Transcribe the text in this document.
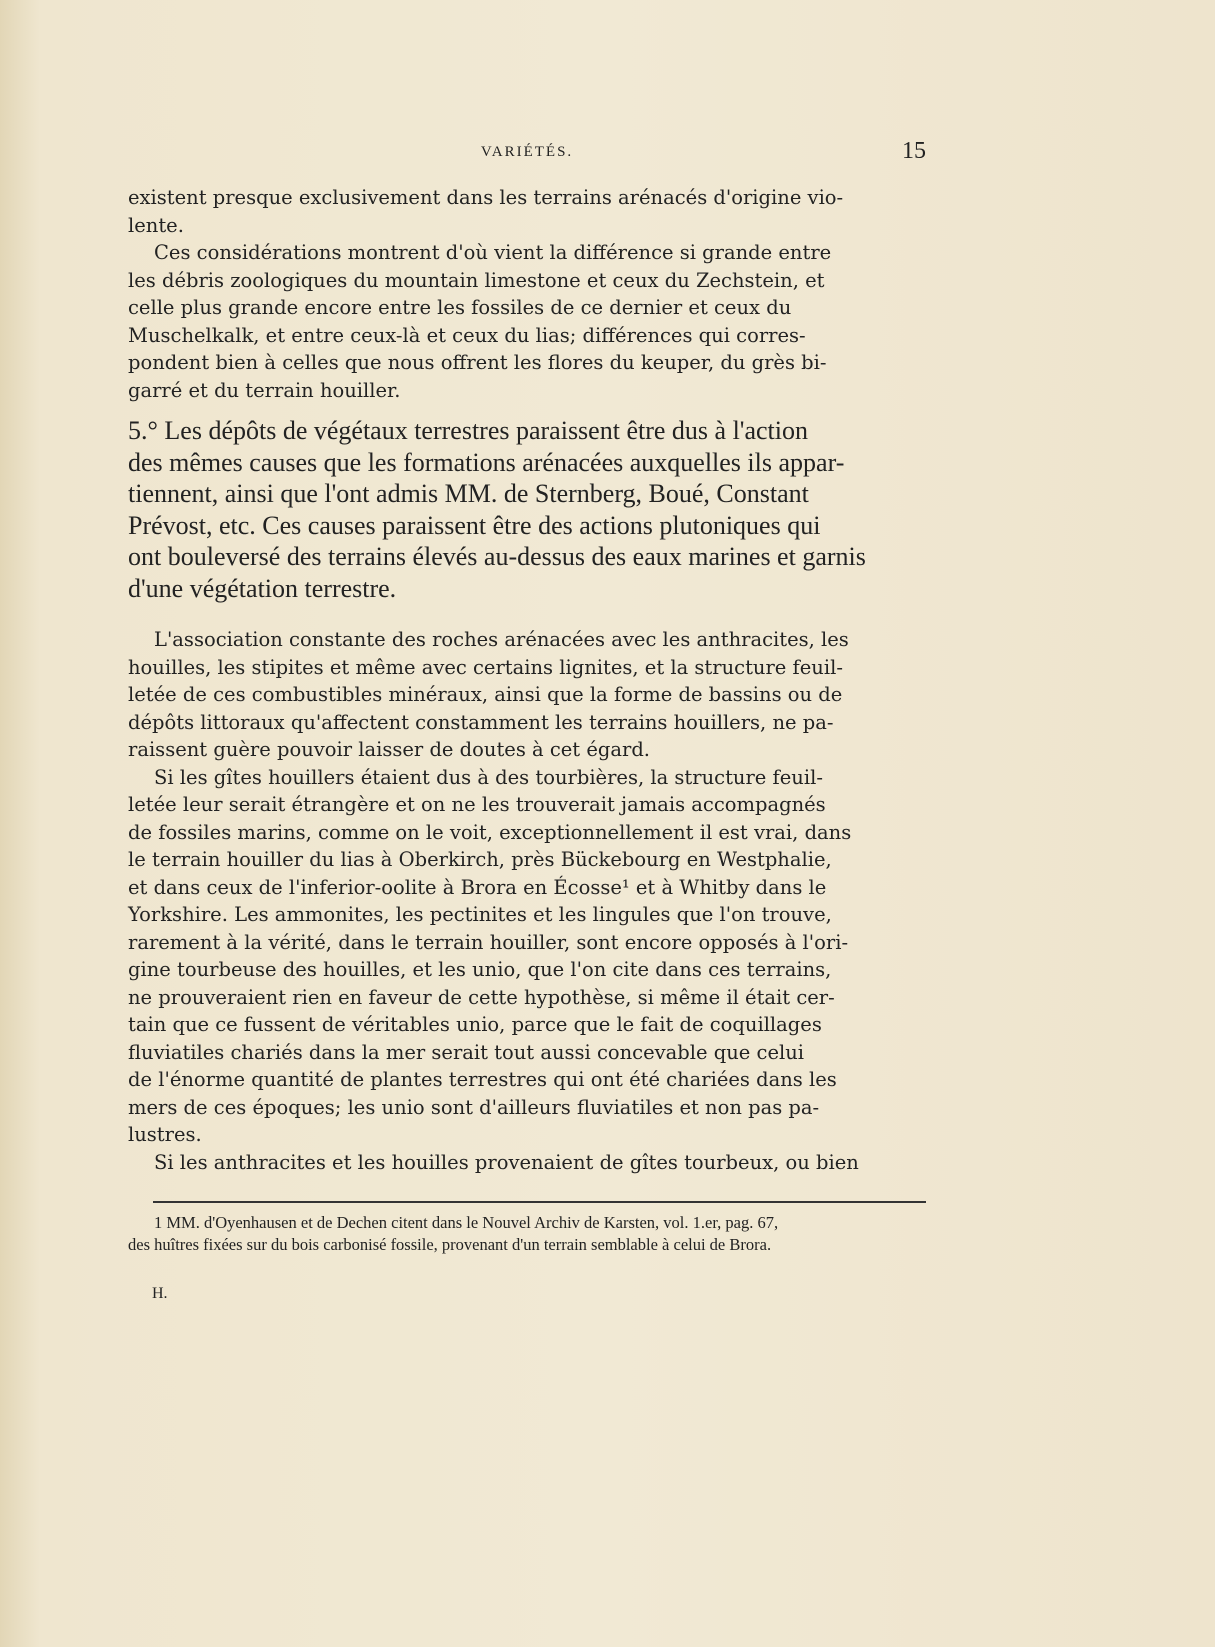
VARIÉTÉS.	15
existent presque exclusivement dans les terrains arénacés d'origine vio-
lente.
Ces considérations montrent d'où vient la différence si grande entre
les débris zoologiques du mountain limestone et ceux du Zechstein, et
celle plus grande encore entre les fossiles de ce dernier et ceux du
Muschelkalk, et entre ceux-là et ceux du lias; différences qui corres-
pondent bien à celles que nous offrent les flores du keuper, du grès bi-
garré et du terrain houiller.
5.° Les dépôts de végétaux terrestres paraissent être dus à l'action
des mêmes causes que les formations arénacées auxquelles ils appar-
tiennent, ainsi que l'ont admis MM. de Sternberg, Boué, Constant
Prévost, etc. Ces causes paraissent être des actions plutoniques qui
ont bouleversé des terrains élevés au-dessus des eaux marines et garnis
d'une végétation terrestre.
L'association constante des roches arénacées avec les anthracites, les
houilles, les stipites et même avec certains lignites, et la structure feuil-
letée de ces combustibles minéraux, ainsi que la forme de bassins ou de
dépôts littoraux qu'affectent constamment les terrains houillers, ne pa-
raissent guère pouvoir laisser de doutes à cet égard.
Si les gîtes houillers étaient dus à des tourbières, la structure feuil-
letée leur serait étrangère et on ne les trouverait jamais accompagnés
de fossiles marins, comme on le voit, exceptionnellement il est vrai, dans
le terrain houiller du lias à Oberkirch, près Bückebourg en Westphalie,
et dans ceux de l'inferior-oolite à Brora en Écosse¹ et à Whitby dans le
Yorkshire. Les ammonites, les pectinites et les lingules que l'on trouve,
rarement à la vérité, dans le terrain houiller, sont encore opposés à l'ori-
gine tourbeuse des houilles, et les unio, que l'on cite dans ces terrains,
ne prouveraient rien en faveur de cette hypothèse, si même il était cer-
tain que ce fussent de véritables unio, parce que le fait de coquillages
fluviatiles chariés dans la mer serait tout aussi concevable que celui
de l'énorme quantité de plantes terrestres qui ont été chariées dans les
mers de ces époques; les unio sont d'ailleurs fluviatiles et non pas pa-
lustres.
Si les anthracites et les houilles provenaient de gîtes tourbeux, ou bien
1 MM. d'Oyenhausen et de Dechen citent dans le Nouvel Archiv de Karsten, vol. 1.er, pag. 67,
des huîtres fixées sur du bois carbonisé fossile, provenant d'un terrain semblable à celui de Brora.
H.
